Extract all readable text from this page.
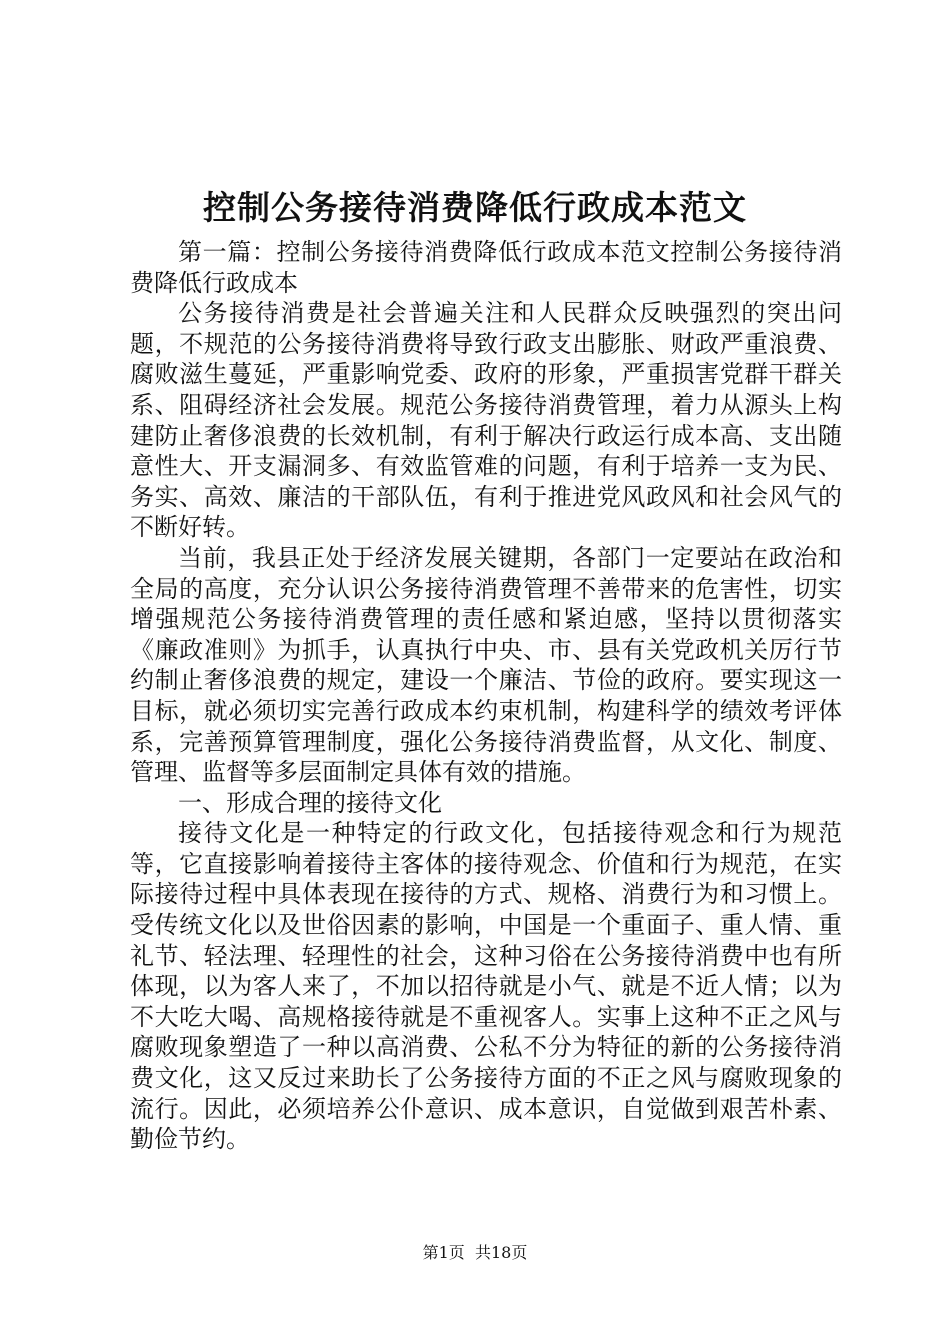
控制公务接待消费降低行政成本范文

第一篇：控制公务接待消费降低行政成本范文控制公务接待消费降低行政成本

公务接待消费是社会普遍关注和人民群众反映强烈的突出问题，不规范的公务接待消费将导致行政支出膨胀、财政严重浪费、腐败滋生蔓延，严重影响党委、政府的形象，严重损害党群干群关系、阻碍经济社会发展。规范公务接待消费管理，着力从源头上构建防止奢侈浪费的长效机制，有利于解决行政运行成本高、支出随意性大、开支漏洞多、有效监管难的问题，有利于培养一支为民、务实、高效、廉洁的干部队伍，有利于推进党风政风和社会风气的不断好转。

当前，我县正处于经济发展关键期，各部门一定要站在政治和全局的高度，充分认识公务接待消费管理不善带来的危害性，切实增强规范公务接待消费管理的责任感和紧迫感，坚持以贯彻落实《廉政准则》为抓手，认真执行中央、市、县有关党政机关厉行节约制止奢侈浪费的规定，建设一个廉洁、节俭的政府。要实现这一目标，就必须切实完善行政成本约束机制，构建科学的绩效考评体系，完善预算管理制度，强化公务接待消费监督，从文化、制度、管理、监督等多层面制定具体有效的措施。

一、形成合理的接待文化

接待文化是一种特定的行政文化，包括接待观念和行为规范等，它直接影响着接待主客体的接待观念、价值和行为规范，在实际接待过程中具体表现在接待的方式、规格、消费行为和习惯上。受传统文化以及世俗因素的影响，中国是一个重面子、重人情、重礼节、轻法理、轻理性的社会，这种习俗在公务接待消费中也有所体现，以为客人来了，不加以招待就是小气、就是不近人情；以为不大吃大喝、高规格接待就是不重视客人。实事上这种不正之风与腐败现象塑造了一种以高消费、公私不分为特征的新的公务接待消费文化，这又反过来助长了公务接待方面的不正之风与腐败现象的流行。因此，必须培养公仆意识、成本意识，自觉做到艰苦朴素、勤俭节约。

第1页 共18页
